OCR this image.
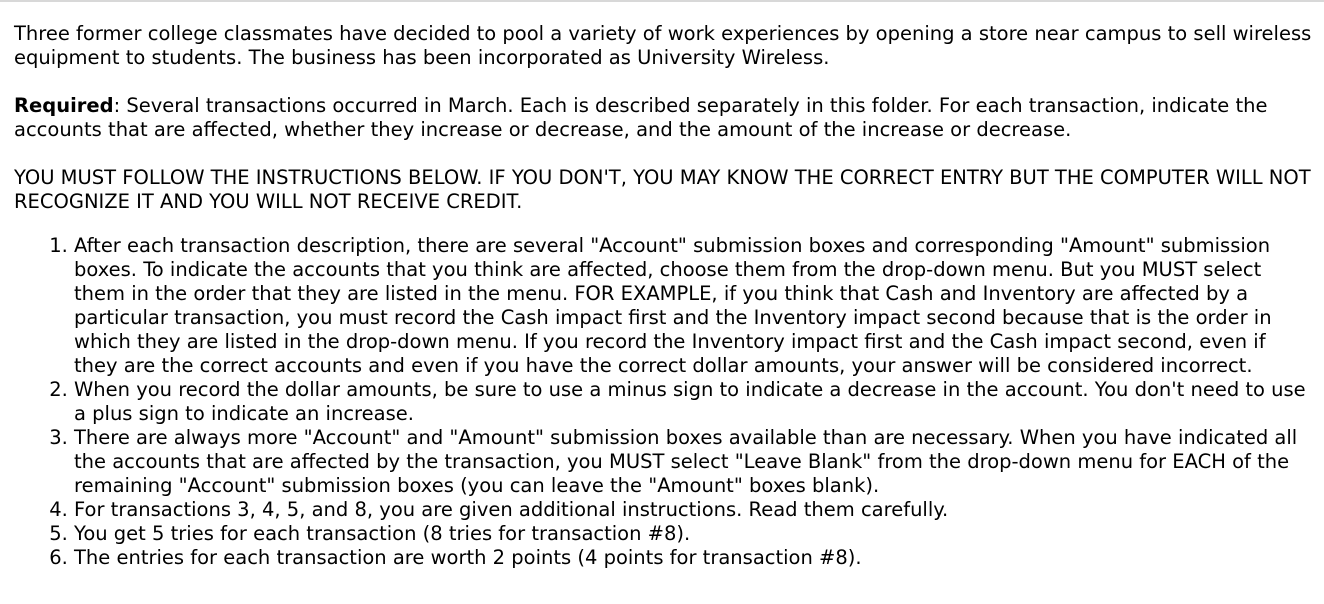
Three former college classmates have decided to pool a variety of work experiences by opening a store near campus to sell wireless equipment to students. The business has been incorporated as University Wireless.

Required: Several transactions occurred in March. Each is described separately in this folder. For each transaction, indicate the accounts that are affected, whether they increase or decrease, and the amount of the increase or decrease.

YOU MUST FOLLOW THE INSTRUCTIONS BELOW. IF YOU DON'T, YOU MAY KNOW THE CORRECT ENTRY BUT THE COMPUTER WILL NOT RECOGNIZE IT AND YOU WILL NOT RECEIVE CREDIT.

1. After each transaction description, there are several "Account" submission boxes and corresponding "Amount" submission boxes. To indicate the accounts that you think are affected, choose them from the drop-down menu. But you MUST select them in the order that they are listed in the menu. FOR EXAMPLE, if you think that Cash and Inventory are affected by a particular transaction, you must record the Cash impact first and the Inventory impact second because that is the order in which they are listed in the drop-down menu. If you record the Inventory impact first and the Cash impact second, even if they are the correct accounts and even if you have the correct dollar amounts, your answer will be considered incorrect.
2. When you record the dollar amounts, be sure to use a minus sign to indicate a decrease in the account. You don't need to use a plus sign to indicate an increase.
3. There are always more "Account" and "Amount" submission boxes available than are necessary. When you have indicated all the accounts that are affected by the transaction, you MUST select "Leave Blank" from the drop-down menu for EACH of the remaining "Account" submission boxes (you can leave the "Amount" boxes blank).
4. For transactions 3, 4, 5, and 8, you are given additional instructions. Read them carefully.
5. You get 5 tries for each transaction (8 tries for transaction #8).
6. The entries for each transaction are worth 2 points (4 points for transaction #8).
